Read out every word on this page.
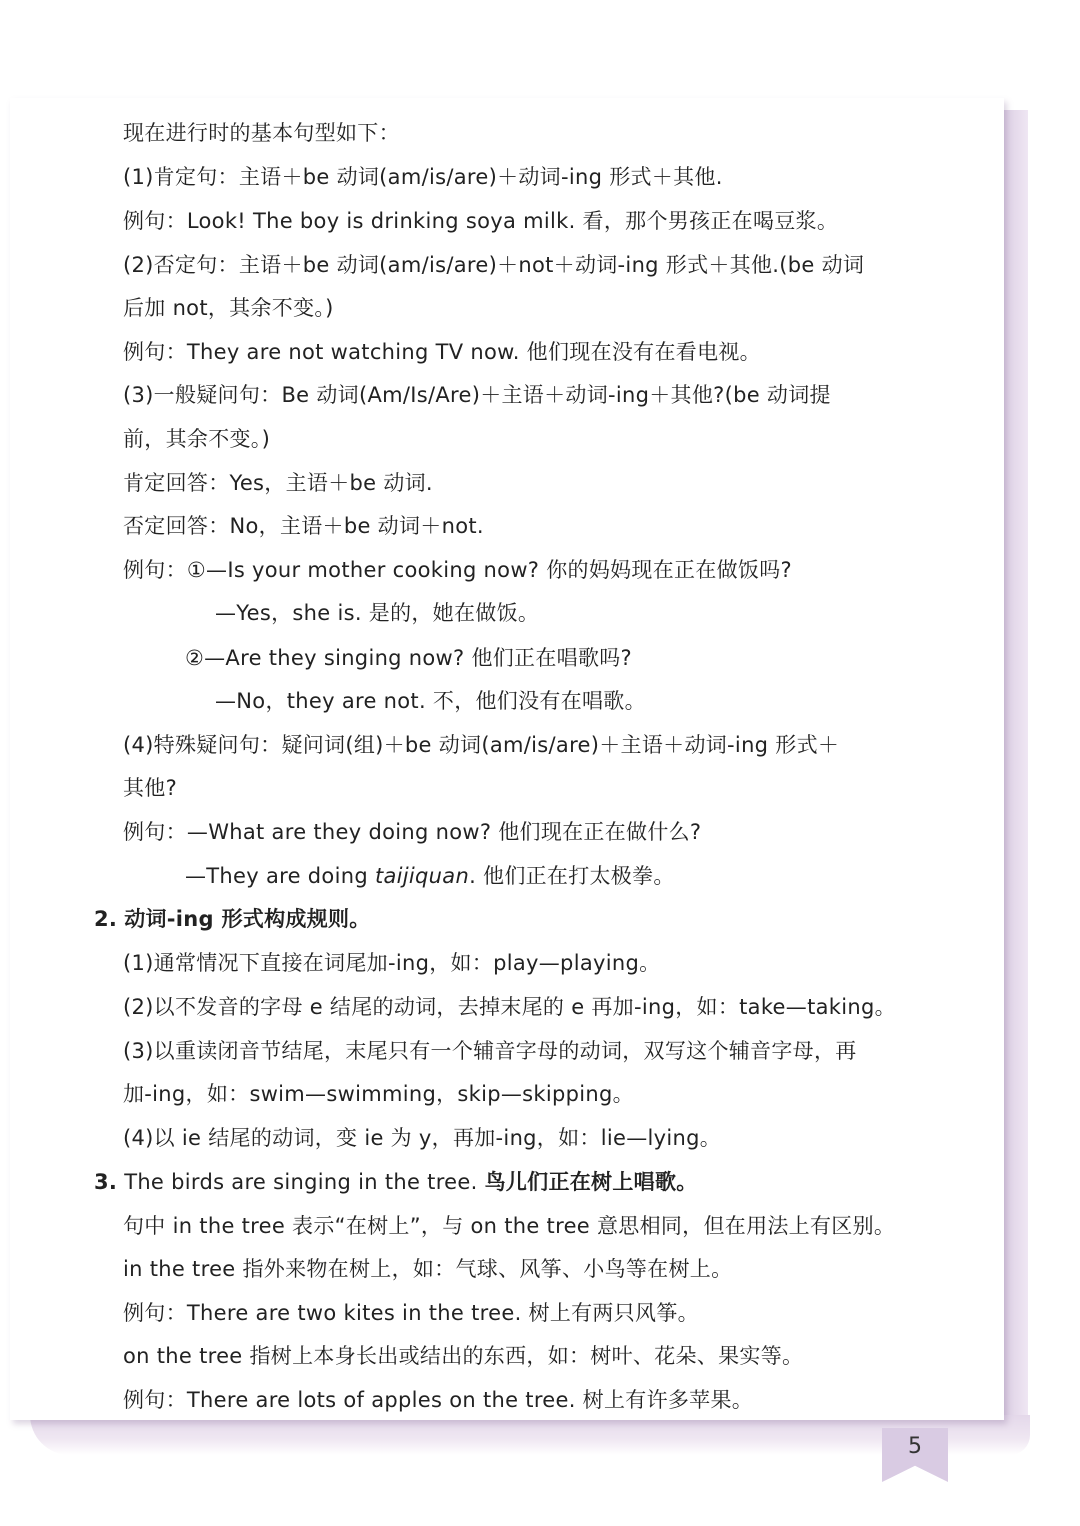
现在进行时的基本句型如下：
(1)肯定句：主语＋be 动词(am/is/are)＋动词-ing 形式＋其他.
例句：Look! The boy is drinking soya milk. 看，那个男孩正在喝豆浆。
(2)否定句：主语＋be 动词(am/is/are)＋not＋动词-ing 形式＋其他.(be 动词
后加 not，其余不变。)
例句：They are not watching TV now. 他们现在没有在看电视。
(3)一般疑问句：Be 动词(Am/Is/Are)＋主语＋动词-ing＋其他?(be 动词提
前，其余不变。)
肯定回答：Yes，主语＋be 动词.
否定回答：No，主语＋be 动词＋not.
例句：①—Is your mother cooking now? 你的妈妈现在正在做饭吗?
—Yes，she is. 是的，她在做饭。
②—Are they singing now? 他们正在唱歌吗?
—No，they are not. 不，他们没有在唱歌。
(4)特殊疑问句：疑问词(组)＋be 动词(am/is/are)＋主语＋动词-ing 形式＋
其他?
例句：—What are they doing now? 他们现在正在做什么?
—They are doing taijiquan. 他们正在打太极拳。
2. 动词-ing 形式构成规则。
(1)通常情况下直接在词尾加-ing，如：play—playing。
(2)以不发音的字母 e 结尾的动词，去掉末尾的 e 再加-ing，如：take—taking。
(3)以重读闭音节结尾，末尾只有一个辅音字母的动词，双写这个辅音字母，再
加-ing，如：swim—swimming，skip—skipping。
(4)以 ie 结尾的动词，变 ie 为 y，再加-ing，如：lie—lying。
3. The birds are singing in the tree. 鸟儿们正在树上唱歌。
句中 in the tree 表示“在树上”，与 on the tree 意思相同，但在用法上有区别。
in the tree 指外来物在树上，如：气球、风筝、小鸟等在树上。
例句：There are two kites in the tree. 树上有两只风筝。
on the tree 指树上本身长出或结出的东西，如：树叶、花朵、果实等。
例句：There are lots of apples on the tree. 树上有许多苹果。
5
